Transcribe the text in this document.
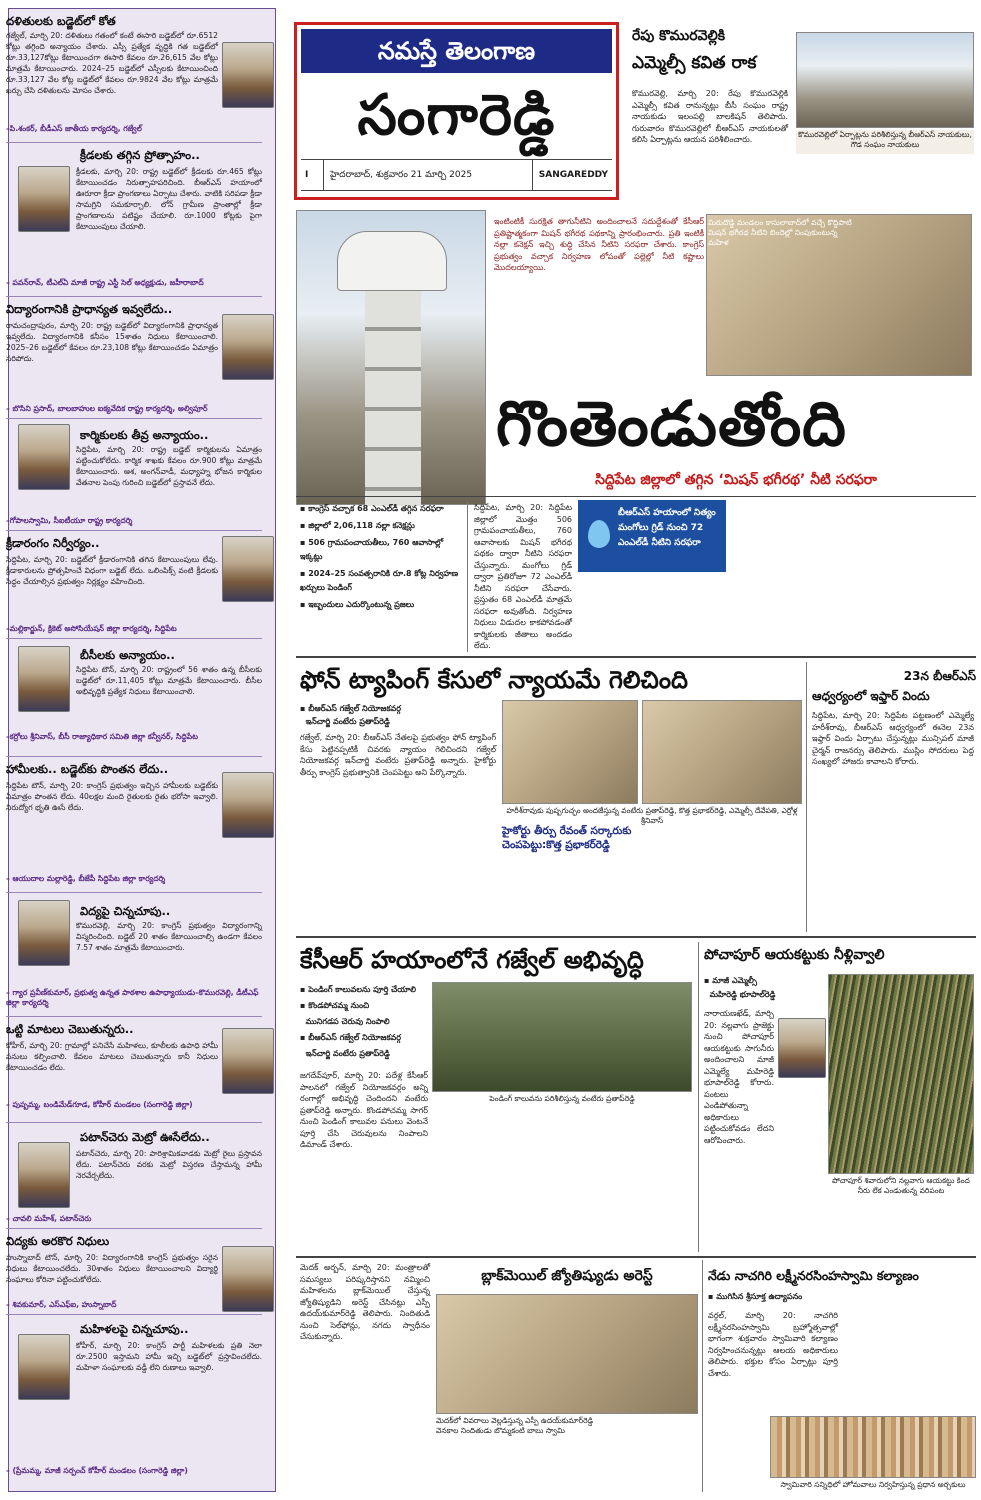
దళితులకు బడ్జెట్‌లో కోత
గజ్వేల్, మార్చి 20: దళితులు గతంలో కంటే ఈసారి బడ్జెట్‌లో రూ.6512 కోట్లు తగ్గింది అన్యాయం చేశారు. ఎస్సీ ప్రత్యేక వృద్ధికి గత బడ్జెట్‌లో రూ.33,127కోట్లు కేటాయించగా ఈసారి కేవలం రూ.26,615 వేల కోట్లు మాత్రమే కేటాయించారు. 2024–25 బడ్జెట్‌లో ఎస్సీలకు కేటాయించింది రూ.33,127 వేల కోట్ల బడ్జెట్‌లో కేవలం రూ.9824 వేల కోట్లు మాత్రమే ఖర్చు చేసి దళితులను మోసం చేశారు.
–పి.శంకర్, బీడీఎస్ జాతీయ కార్యదర్శి, గజ్వేల్
క్రీడలకు తగ్గిన ప్రోత్సాహం..
క్రీడలకు, మార్చి 20: రాష్ట్ర బడ్జెట్‌లో క్రీడలకు రూ.465 కోట్లు కేటాయించడం నిరుత్సాహపరిచింది. బీఆర్‌ఎస్ హయాంలో ఊరూరా క్రీడా ప్రాంగణాలు ఏర్పాటు చేశారు. వాటికి సరిపడా క్రీడా సామగ్రిని సమకూర్చాలి. లోన్ గ్రామీణ ప్రాంతాల్లో క్రీడా ప్రాంగణాలను పటిష్టం చేయాలి. రూ.1000 కోట్లకు పైగా కేటాయింపులు చేయాలి.
– పవన్‌రావ్, టీఎల్‌ఏ మాజీ రాష్ట్ర ఎస్టీ సెల్ అధ్యక్షుడు, జహీరాబాద్
విద్యారంగానికి ప్రాధాన్యత ఇవ్వలేదు..
రామచంద్రాపురం, మార్చి 20: రాష్ట్ర బడ్జెట్‌లో విద్యారంగానికి ప్రాధాన్యత ఇవ్వలేదు. విద్యారంగానికి కనీసం 15శాతం నిధులు కేటాయించాలి. 2025–26 బడ్జెట్‌లో కేవలం రూ.23,108 కోట్లు కేటాయించడం ఏమాత్రం సరిపోదు.
– బొసిని ప్రసాద్, బాలబాహుల ఐక్యవేదిక రాష్ట్ర కార్యదర్శి, అల్విపూర్
కార్మికులకు తీవ్ర అన్యాయం..
సిద్దిపేట, మార్చి 20: రాష్ట్ర బడ్జెట్ కార్మికులను ఏమాత్రం పట్టించుకోలేదు. కార్మిక శాఖకు కేవలం రూ.900 కోట్లు మాత్రమే కేటాయించారు. ఆశ, అంగన్‌వాడీ, మధ్యాహ్న భోజన కార్మికుల వేతనాల పెంపు గురించి బడ్జెట్‌లో ప్రస్తావనే లేదు.
–గోపాలస్వామి, సీఐటీయూ రాష్ట్ర కార్యదర్శి
క్రీడారంగం నిర్వీర్యం..
సిద్దిపేట, మార్చి 20: బడ్జెట్‌లో క్రీడారంగానికి తగిన కేటాయింపులు లేవు. క్రీడాకారులను ప్రోత్సహించే విధంగా బడ్జెట్ లేదు. ఒలింపిక్స్ వంటి క్రీడలకు సిద్ధం చేయాల్సిన ప్రభుత్వం నిర్లక్ష్యం వహించింది.
–మల్లికార్జున్, క్రికెట్ అసోసియేషన్ జిల్లా కార్యదర్శి, సిద్దిపేట
బీసీలకు అన్యాయం..
సిద్దిపేట టౌన్, మార్చి 20: రాష్ట్రంలో 56 శాతం ఉన్న బీసీలకు బడ్జెట్‌లో రూ.11,405 కోట్లు మాత్రమే కేటాయించారు. బీసీల అభివృద్ధికి ప్రత్యేక నిధులు కేటాయించాలి.
–కర్రోలు శ్రీనివాస్, బీసీ రాజ్యాధికార సమితి జిల్లా కన్వీనర్, సిద్దిపేట
హామీలకు.. బడ్జెట్‌కు పొంతన లేదు..
సిద్దిపేట టౌన్, మార్చి 20: కాంగ్రెస్ ప్రభుత్వం ఇచ్చిన హామీలకు బడ్జెట్‌కు ఏమాత్రం పొంతన లేదు. 40లక్షల మంది రైతులకు రైతు భరోసా ఇవ్వాలి. నిరుద్యోగ భృతి ఊసే లేదు.
– ఆయుదాల మల్లారెడ్డి, బీజేపీ సిద్దిపేట జిల్లా కార్యదర్శి
విద్యపై చిన్నచూపు..
కొమురవెల్లి, మార్చి 20: కాంగ్రెస్ ప్రభుత్వం విద్యారంగాన్ని విస్మరించింది. బడ్జెట్ 20 శాతం కేటాయించాల్సి ఉండగా కేవలం 7.57 శాతం మాత్రమే కేటాయించారు.
– గ్యార ప్రవీణ్‌కుమార్, ప్రభుత్వ ఉన్నత పాఠశాల ఉపాధ్యాయుడు–కొమురవెల్లి, డీటీఎఫ్ జిల్లా కార్యదర్శి
ఒట్టి మాటలు చెబుతున్నరు..
కోహీర్, మార్చి 20: గ్రామాల్లో పనిచేసే మహిళలు, కూలీలకు ఉపాధి హామీ పనులు కల్పించాలి. కేవలం మాటలు చెబుతున్నారు కానీ నిధులు కేటాయించడం లేదు.
– పుష్పమ్మ, బండిమేడ్‌గూడ, కోహీర్ మండలం (సంగారెడ్డి జిల్లా)
పటాన్‌చెరు మెట్రో ఊసేలేదు..
పటాన్‌చెరు, మార్చి 20: పారిశ్రామికవాడకు మెట్రో రైలు ప్రస్తావన లేదు. పటాన్‌చెరు వరకు మెట్రో విస్తరణ చేస్తామన్న హామీ నెరవేర్చలేదు.
– చావలి మహేశ్, పటాన్‌చెరు
విద్యకు అరకొర నిధులు
హుస్నాబాద్ టౌన్, మార్చి 20: విద్యారంగానికి కాంగ్రెస్ ప్రభుత్వం సరైన నిధులు కేటాయించలేదు. 30శాతం నిధులు కేటాయించాలని విద్యార్థి సంఘాలు కోరినా పట్టించుకోలేదు.
– శివకుమార్, ఎస్‌ఎఫ్‌ఐ, హుస్నాబాద్
మహిళలపై చిన్నచూపు..
కోహీర్, మార్చి 20: కాంగ్రెస్ పార్టీ మహిళలకు ప్రతి నెలా రూ.2500 ఇస్తామని హామీ ఇచ్చి బడ్జెట్‌లో ప్రస్తావించలేదు. మహిళా సంఘాలకు వడ్డీ లేని రుణాలు ఇవ్వాలి.
– (ప్రేమమ్మ, మాజీ సర్పంచ్ కోహీర్ మండలం (సంగారెడ్డి జిల్లా)
నమస్తే తెలంగాణ
సంగారెడ్డి
I	హైదరాబాద్, శుక్రవారం 21 మార్చి 2025	SANGAREDDY
రేపు కొమురవెల్లికి
ఎమ్మెల్సీ కవిత రాక
కొమురవెల్లి, మార్చి 20: రేపు కొమురవెల్లికి ఎమ్మెల్సీ కవిత రానున్నట్లు బీసీ సంఘం రాష్ట్ర నాయకుడు ఇలంపల్లి బాలకిషన్ తెలిపారు. గురువారం కొమురవెల్లిలో బీఆర్‌ఎస్ నాయకులతో కలిసి ఏర్పాట్లను ఆయన పరిశీలించారు.
కొమురవెల్లిలో ఏర్పాట్లను పరిశీలిస్తున్న బీఆర్‌ఎస్ నాయకులు, గౌడ సంఘం నాయకులు
ఇంటింటికీ సురక్షిత తాగునీటిని అందించాలనే సదుద్దేశంతో కేసీఆర్ ప్రతిష్టాత్మకంగా మిషన్ భగీరథ పథకాన్ని ప్రారంభించారు. ప్రతి ఇంటికీ నల్లా కనెక్షన్ ఇచ్చి శుద్ధి చేసిన నీటిని సరఫరా చేశారు. కాంగ్రెస్ ప్రభుత్వం వచ్చాక నిర్వహణ లోపంతో పల్లెల్లో నీటి కష్టాలు మొదలయ్యాయి.
మిరుదొడ్డి మండలం కాసులాబాద్‌లో వచ్చే కొద్దిపాటి మిషన్ భగీరథ నీటిని బిందెల్లో నింపుకుంటున్న మహిళ
గొంతెండుతోంది
సిద్దిపేట జిల్లాలో తగ్గిన ‘మిషన్ భగీరథ’ నీటి సరఫరా
▪ కాంగ్రెస్ వచ్చాక 68 ఎంఎల్‌డీ తగ్గిన సరఫరా
▪ జిల్లాలో 2,06,118 నల్లా కనెక్షన్లు
▪ 506 గ్రామపంచాయతీలు, 760 ఆవాసాల్లో ఇక్కట్లు
▪ 2024–25 సంవత్సరానికి రూ.8 కోట్ల నిర్వహణ ఖర్చులు పెండింగ్
▪ ఇబ్బందులు ఎదుర్కొంటున్న ప్రజలు
సిద్దిపేట, మార్చి 20: సిద్దిపేట జిల్లాలో మొత్తం 506 గ్రామపంచాయతీలు, 760 ఆవాసాలకు మిషన్ భగీరథ పథకం ద్వారా నీటిని సరఫరా చేస్తున్నారు. మంగోలు గ్రిడ్ ద్వారా ప్రతిరోజూ 72 ఎంఎల్‌డీ నీటిని సరఫరా చేసేవారు. ప్రస్తుతం 68 ఎంఎల్‌డీ మాత్రమే సరఫరా అవుతోంది. నిర్వహణ నిధులు విడుదల కాకపోవడంతో కార్మికులకు జీతాలు అందడం లేదు.
బీఆర్‌ఎస్ హయాంలో నిత్యం మంగోలు గ్రిడ్ నుంచి 72 ఎంఎల్‌డీ నీటిని సరఫరా
ఫోన్ ట్యాపింగ్ కేసులో న్యాయమే గెలిచింది
▪ బీఆర్‌ఎస్ గజ్వేల్ నియోజకవర్గ
ఇన్‌చార్జి వంటేరు ప్రతాప్‌రెడ్డి
గజ్వేల్, మార్చి 20: బీఆర్‌ఎస్ నేతలపై ప్రభుత్వం ఫోన్ ట్యాపింగ్ కేసు పెట్టినప్పటికీ చివరకు న్యాయం గెలిచిందని గజ్వేల్ నియోజకవర్గ ఇన్‌చార్జి వంటేరు ప్రతాప్‌రెడ్డి అన్నారు. హైకోర్టు తీర్పు కాంగ్రెస్ ప్రభుత్వానికి చెంపపెట్టు అని పేర్కొన్నారు.
హరీశ్‌రావుకు పుష్పగుచ్ఛం అందజేస్తున్న వంటేరు ప్రతాప్‌రెడ్డి, కొత్త ప్రభాకర్‌రెడ్డి, ఎమ్మెల్సీ దేవేపతి, ఎర్రోళ్ల శ్రీనివాస్
హైకోర్టు తీర్పు రేవంత్ సర్కారుకు
చెంపపెట్టు:కొత్త ప్రభాకర్‌రెడ్డి
23న బీఆర్‌ఎస్
ఆధ్వర్యంలో ఇఫ్తార్ విందు
సిద్దిపేట, మార్చి 20: సిద్దిపేట పట్టణంలో ఎమ్మెల్యే హరీశ్‌రావు, బీఆర్‌ఎస్ ఆధ్వర్యంలో ఈనెల 23న ఇఫ్తార్ విందు ఏర్పాటు చేస్తున్నట్లు మున్సిపల్ మాజీ చైర్మన్ రాజనర్సు తెలిపారు. ముస్లిం సోదరులు పెద్ద సంఖ్యలో హాజరు కావాలని కోరారు.
కేసీఆర్ హయాంలోనే గజ్వేల్ అభివృద్ధి
▪ పెండింగ్ కాలువలను పూర్తి చేయాలి
▪ కొండపోచమ్మ నుంచి
మునిగడప చెరువు నింపాలి
▪ బీఆర్‌ఎస్ గజ్వేల్ నియోజకవర్గ
ఇన్‌చార్జి వంటేరు ప్రతాప్‌రెడ్డి
పెండింగ్ కాలువను పరిశీలిస్తున్న వంటేరు ప్రతాప్‌రెడ్డి
జగదేవ్‌పూర్, మార్చి 20: పదేళ్ల కేసీఆర్ పాలనలో గజ్వేల్ నియోజకవర్గం అన్ని రంగాల్లో అభివృద్ధి చెందిందని వంటేరు ప్రతాప్‌రెడ్డి అన్నారు. కొండపోచమ్మ సాగర్ నుంచి పెండింగ్ కాలువల పనులు వెంటనే పూర్తి చేసి చెరువులను నింపాలని డిమాండ్ చేశారు.
పోచాపూర్ ఆయకట్టుకు నీళ్లివ్వాలి
▪ మాజీ ఎమ్మెల్సీ
మహిరెడ్డి భూపాల్‌రెడ్డి
పోచాపూర్ శివారులోని నల్లవాగు ఆయకట్టు కింద నీరు లేక ఎండుతున్న వరిపంట
నారాయణఖేడ్, మార్చి 20: నల్లవాగు ప్రాజెక్టు నుంచి పోచాపూర్ ఆయకట్టుకు సాగునీరు అందించాలని మాజీ ఎమ్మెల్యే మహిరెడ్డి భూపాల్‌రెడ్డి కోరారు. పంటలు ఎండిపోతున్నా అధికారులు పట్టించుకోవడం లేదని ఆరోపించారు.
మెదక్ అర్బన్, మార్చి 20: మంత్రాలతో సమస్యలు పరిష్కరిస్తానని నమ్మించి మహిళలను బ్లాక్‌మెయిల్ చేస్తున్న జ్యోతిష్యుడిని అరెస్ట్ చేసినట్లు ఎస్పీ ఉదయ్‌కుమార్‌రెడ్డి తెలిపారు. నిందితుడి నుంచి సెల్‌ఫోన్లు, నగదు స్వాధీనం చేసుకున్నారు.
బ్లాక్‌మెయిల్ జ్యోతిష్యుడు అరెస్ట్
మెదక్‌లో వివరాలు వెల్లడిస్తున్న ఎస్పీ ఉదయ్‌కుమార్‌రెడ్డి
వెనకాల నిందితుడు బొమ్మకంటి బాబు స్వామి
నేడు నాచగిరి లక్ష్మీనరసింహస్వామి కల్యాణం
▪ ముగిసిన శ్రీసూక్త ఉద్యాపనం
వర్గల్, మార్చి 20: నాచగిరి లక్ష్మీనరసింహస్వామి బ్రహ్మోత్సవాల్లో భాగంగా శుక్రవారం స్వామివారి కల్యాణం నిర్వహించనున్నట్లు ఆలయ అధికారులు తెలిపారు. భక్తుల కోసం ఏర్పాట్లు పూర్తి చేశారు.
స్వామివారి సన్నిధిలో హోమవాలు నిర్వహిస్తున్న ప్రధాన అర్చకులు
